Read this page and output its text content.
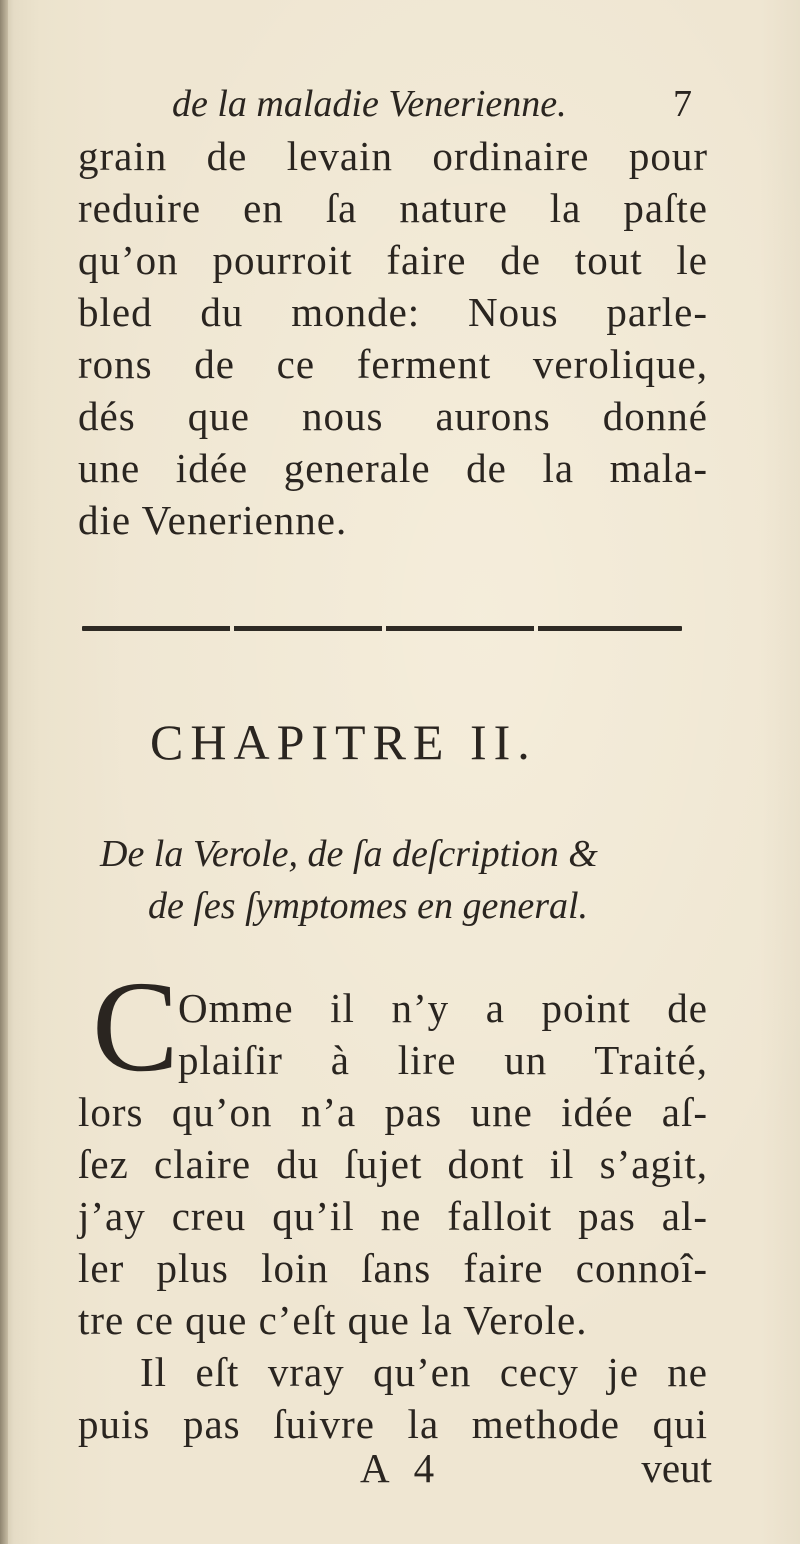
de la maladie Venerienne.	7
grain de levain ordinaire pour
reduire en ſa nature la paſte
qu’on pourroit faire de tout le
bled du monde: Nous parle-
rons de ce ferment verolique,
dés que nous aurons donné
une idée generale de la mala-
die Venerienne.
CHAPITRE II.
De la Verole, de ſa deſcription &
de ſes ſymptomes en general.
C Omme il n’y a point de
plaiſir à lire un Traité,
lors qu’on n’a pas une idée aſ-
ſez claire du ſujet dont il s’agit,
j’ay creu qu’il ne falloit pas al-
ler plus loin ſans faire connoî-
tre ce que c’eſt que la Verole.
Il eſt vray qu’en cecy je ne
puis pas ſuivre la methode qui
A 4	veut
